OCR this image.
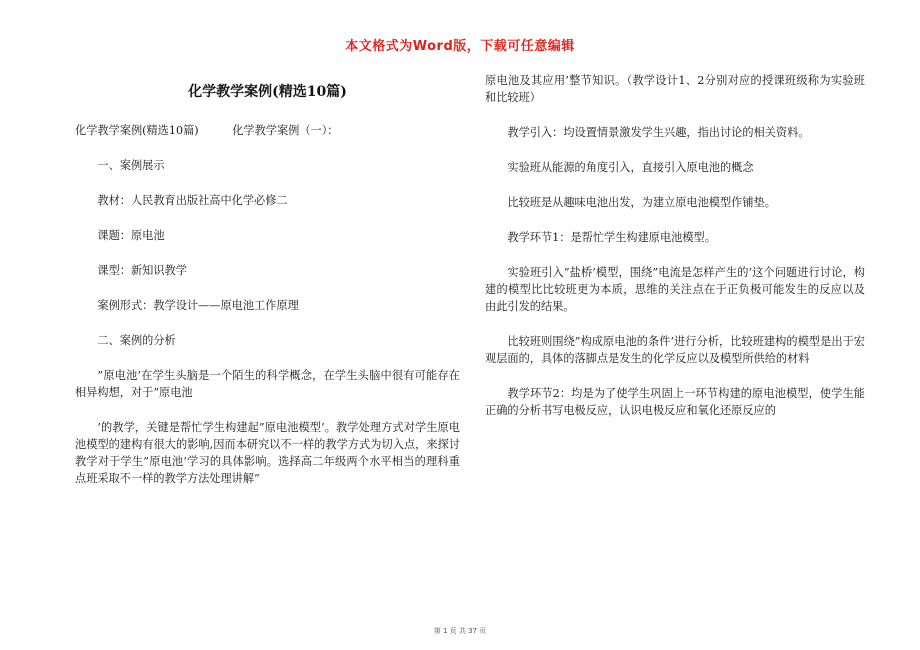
本文格式为Word版，下载可任意编辑
化学教学案例(精选10篇)
化学教学案例(精选10篇)　　　化学教学案例（一）：
一、案例展示
教材：人民教育出版社高中化学必修二
课题：原电池
课型：新知识教学
案例形式：教学设计——原电池工作原理
二、案例的分析
”原电池’在学生头脑是一个陌生的科学概念，在学生头脑中很有可能存在相异构想，对于”原电池
’的教学，关键是帮忙学生构建起”原电池模型’。教学处理方式对学生原电池模型的建构有很大的影响,因而本研究以不一样的教学方式为切入点，来探讨教学对于学生”原电池’学习的具体影响。选择高二年级两个水平相当的理科重点班采取不一样的教学方法处理讲解”
原电池及其应用’整节知识。（教学设计1、2分别对应的授课班级称为实验班和比较班）
教学引入：均设置情景激发学生兴趣，指出讨论的相关资料。
实验班从能源的角度引入，直接引入原电池的概念
比较班是从趣味电池出发，为建立原电池模型作铺垫。
教学环节1：是帮忙学生构建原电池模型。
实验班引入”盐桥’模型，围绕”电流是怎样产生的’这个问题进行讨论，构建的模型比比较班更为本质，思维的关注点在于正负极可能发生的反应以及由此引发的结果。
比较班则围绕”构成原电池的条件’进行分析，比较班建构的模型是出于宏观层面的，具体的落脚点是发生的化学反应以及模型所供给的材料
教学环节2：均是为了使学生巩固上一环节构建的原电池模型，使学生能正确的分析书写电极反应，认识电极反应和氧化还原反应的
第 1 页 共 37 页
